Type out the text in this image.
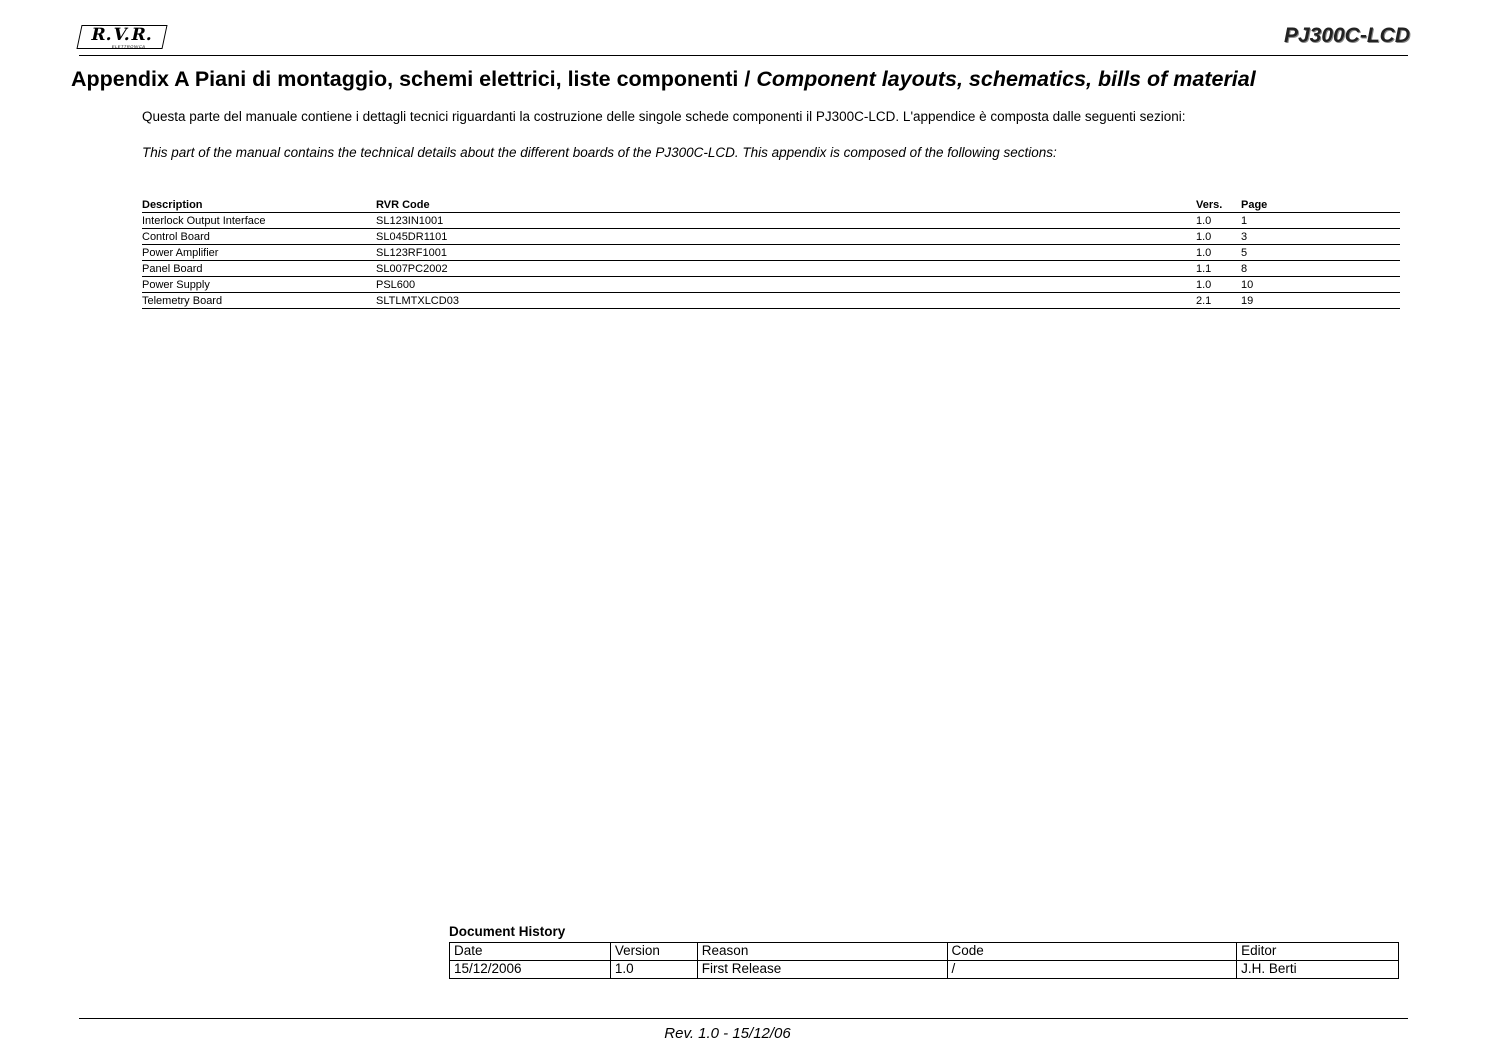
R.V.R.
ELETTRONICA	PJ300C-LCD
Appendix A Piani di montaggio, schemi elettrici, liste componenti / Component layouts, schematics, bills of material
Questa parte del manuale contiene i dettagli tecnici riguardanti la costruzione delle singole schede componenti il PJ300C-LCD. L'appendice è composta dalle seguenti sezioni:
This part of the manual contains the technical details about the different boards of the PJ300C-LCD. This appendix is composed of the following sections:
Description	RVR Code	Vers. Page
Interlock Output Interface	SL123IN1001	1.0	1
Control Board	SL045DR1101	1.0	3
Power Amplifier	SL123RF1001	1.0	5
Panel Board	SL007PC2002	1.1	8
Power Supply	PSL600	1.0	10
Telemetry Board	SLTLMTXLCD03	2.1	19
Document History
Date	Version	Reason	Code	Editor
15/12/2006	1.0	First Release	/	J.H. Berti
Rev. 1.0 - 15/12/06
